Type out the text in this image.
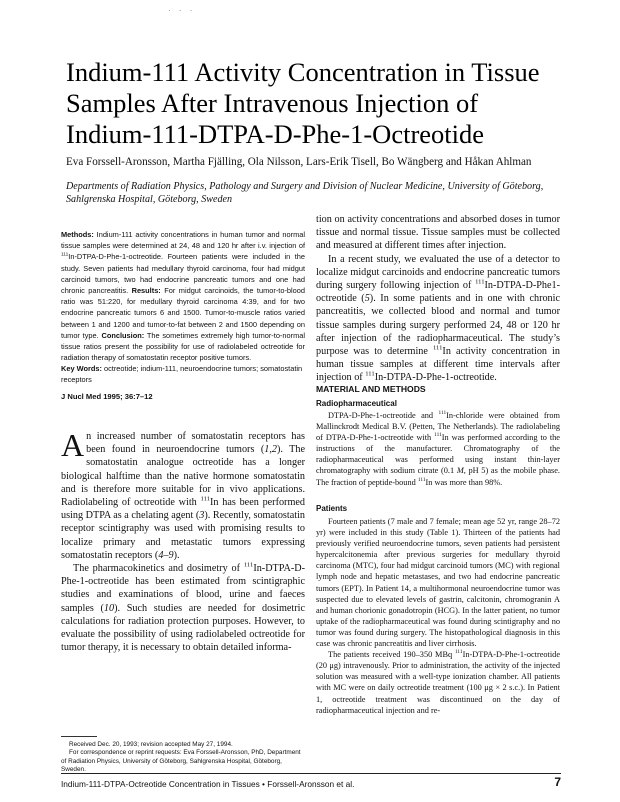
· · ·
Indium-111 Activity Concentration in Tissue
Samples After Intravenous Injection of
Indium-111-DTPA-D-Phe-1-Octreotide
Eva Forssell-Aronsson, Martha Fjälling, Ola Nilsson, Lars-Erik Tisell, Bo Wängberg and Håkan Ahlman
Departments of Radiation Physics, Pathology and Surgery and Division of Nuclear Medicine, University of Göteborg,
Sahlgrenska Hospital, Göteborg, Sweden
Methods: Indium-111 activity concentrations in human tumor and normal tissue samples were determined at 24, 48 and 120 hr after i.v. injection of $^{111}$In-DTPA-D-Phe-1-octreotide. Fourteen patients were included in the study. Seven patients had medullary thyroid carcinoma, four had midgut carcinoid tumors, two had endocrine pancreatic tumors and one had chronic pancreatitis. Results: For midgut carcinoids, the tumor-to-blood ratio was 51:220, for medullary thyroid carcinoma 4:39, and for two endocrine pancreatic tumors 6 and 1500. Tumor-to-muscle ratios varied between 1 and 1200 and tumor-to-fat between 2 and 1500 depending on tumor type. Conclusion: The sometimes extremely high tumor-to-normal tissue ratios present the possibility for use of radiolabeled octreotide for radiation therapy of somatostatin receptor positive tumors.
Key Words: octreotide; indium-111, neuroendocrine tumors; somatostatin receptors
J Nucl Med 1995; 36:7–12

An increased number of somatostatin receptors has been found in neuroendocrine tumors (1,2). The somatostatin analogue octreotide has a longer biological halftime than the native hormone somatostatin and is therefore more suitable for in vivo applications. Radiolabeling of octreotide with $^{111}$In has been performed using DTPA as a chelating agent (3). Recently, somatostatin receptor scintigraphy was used with promising results to localize primary and metastatic tumors expressing somatostatin receptors (4–9).

The pharmacokinetics and dosimetry of $^{111}$In-DTPA-D-Phe-1-octreotide has been estimated from scintigraphic studies and examinations of blood, urine and faeces samples (10). Such studies are needed for dosimetric calculations for radiation protection purposes. However, to evaluate the possibility of using radiolabeled octreotide for tumor therapy, it is necessary to obtain detailed informa-

tion on activity concentrations and absorbed doses in tumor tissue and normal tissue. Tissue samples must be collected and measured at different times after injection.

In a recent study, we evaluated the use of a detector to localize midgut carcinoids and endocrine pancreatic tumors during surgery following injection of $^{111}$In-DTPA-D-Phe1-octreotide (5). In some patients and in one with chronic pancreatitis, we collected blood and normal and tumor tissue samples during surgery performed 24, 48 or 120 hr after injection of the radiopharmaceutical. The study’s purpose was to determine $^{111}$In activity concentration in human tissue samples at different time intervals after injection of $^{111}$In-DTPA-D-Phe-1-octreotide.

MATERIAL AND METHODS
Radiopharmaceutical

DTPA-D-Phe-1-octreotide and $^{111}$In-chloride were obtained from Mallinckrodt Medical B.V. (Petten, The Netherlands). The radiolabeling of DTPA-D-Phe-1-octreotide with $^{111}$In was performed according to the instructions of the manufacturer. Chromatography of the radiopharmaceutical was performed using instant thin-layer chromatography with sodium citrate (0.1 M, pH 5) as the mobile phase. The fraction of peptide-bound $^{111}$In was more than 98%.

Patients

Fourteen patients (7 male and 7 female; mean age 52 yr, range 28–72 yr) were included in this study (Table 1). Thirteen of the patients had previously verified neuroendocrine tumors, seven patients had persistent hypercalcitonemia after previous surgeries for medullary thyroid carcinoma (MTC), four had midgut carcinoid tumors (MC) with regional lymph node and hepatic metastases, and two had endocrine pancreatic tumors (EPT). In Patient 14, a multihormonal neuroendocrine tumor was suspected due to elevated levels of gastrin, calcitonin, chromogranin A and human chorionic gonadotropin (HCG). In the latter patient, no tumor uptake of the radiopharmaceutical was found during scintigraphy and no tumor was found during surgery. The histopathological diagnosis in this case was chronic pancreatitis and liver cirrhosis.

The patients received 190–350 MBq $^{111}$In-DTPA-D-Phe-1-octreotide (20 μg) intravenously. Prior to administration, the activity of the injected solution was measured with a well-type ionization chamber. All patients with MC were on daily octreotide treatment (100 μg × 2 s.c.). In Patient 1, octreotide treatment was discontinued on the day of radiopharmaceutical injection and re-

Received Dec. 20, 1993; revision accepted May 27, 1994.
For correspondence or reprint requests: Eva Forssell-Aronsson, PhD, Department of Radiation Physics, University of Göteborg, Sahlgrenska Hospital, Göteborg, Sweden.
Indium-111-DTPA-Octreotide Concentration in Tissues • Forssell-Aronsson et al.	7
